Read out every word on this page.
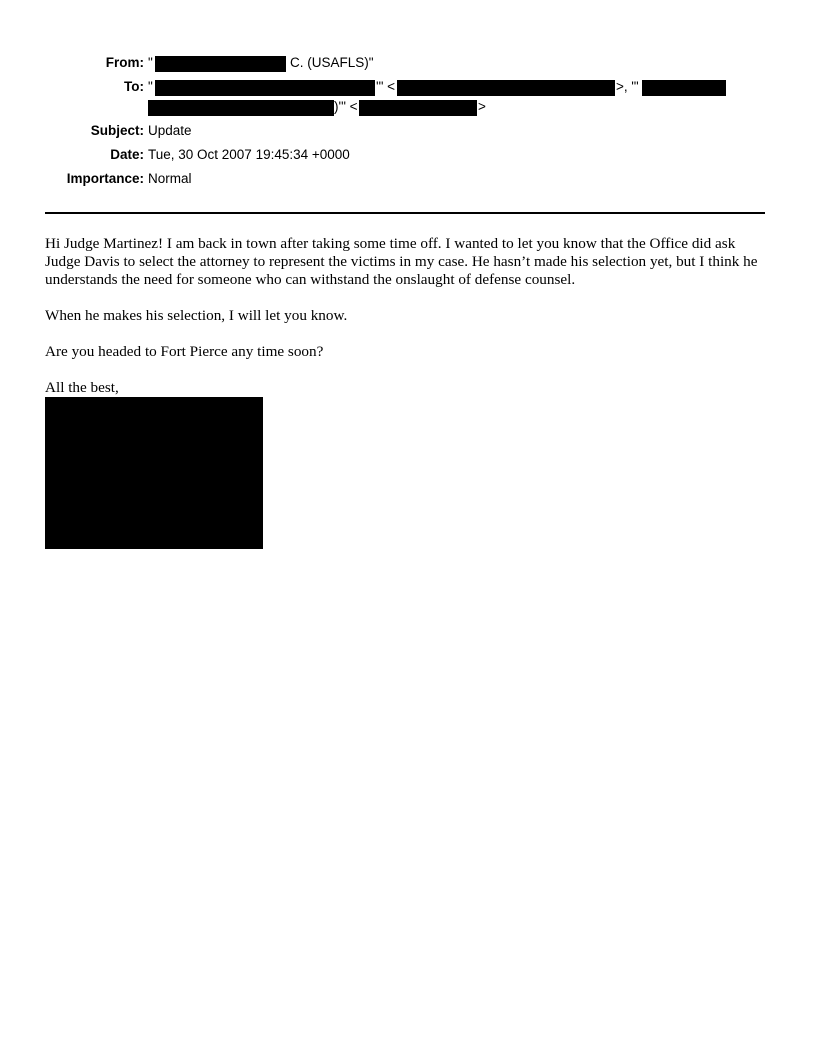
From: "	C. (USAFLS)"
To: "	'" <	>, "'
)'" <	>
Subject: Update
Date: Tue, 30 Oct 2007 19:45:34 +0000
Importance: Normal

Hi Judge Martinez! I am back in town after taking some time off. I wanted to let you know that the Office did ask Judge Davis to select the attorney to represent the victims in my case. He hasn’t made his selection yet, but I think he understands the need for someone who can withstand the onslaught of defense counsel.

When he makes his selection, I will let you know.

Are you headed to Fort Pierce any time soon?

All the best,
